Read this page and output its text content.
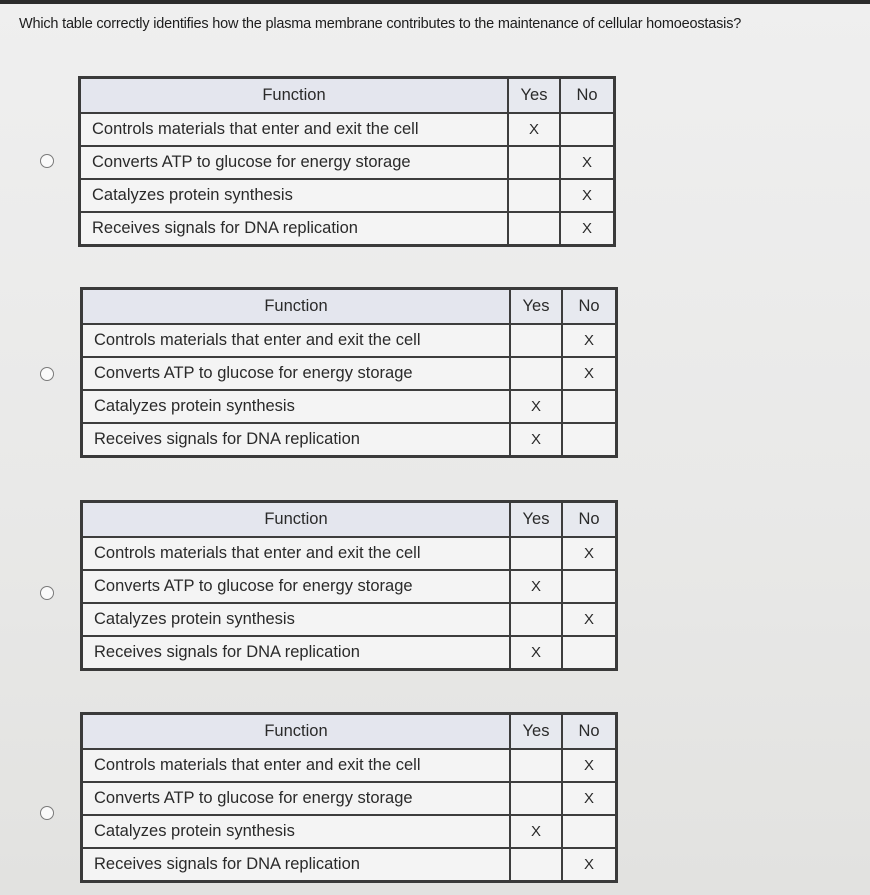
Which table correctly identifies how the plasma membrane contributes to the maintenance of cellular homoeostasis?
Function	Yes	No
Controls materials that enter and exit the cell	X	
Converts ATP to glucose for energy storage		X
Catalyzes protein synthesis		X
Receives signals for DNA replication		X
Function	Yes	No
Controls materials that enter and exit the cell		X
Converts ATP to glucose for energy storage		X
Catalyzes protein synthesis	X	
Receives signals for DNA replication	X	
Function	Yes	No
Controls materials that enter and exit the cell		X
Converts ATP to glucose for energy storage	X	
Catalyzes protein synthesis		X
Receives signals for DNA replication	X	
Function	Yes	No
Controls materials that enter and exit the cell		X
Converts ATP to glucose for energy storage		X
Catalyzes protein synthesis	X	
Receives signals for DNA replication		X
